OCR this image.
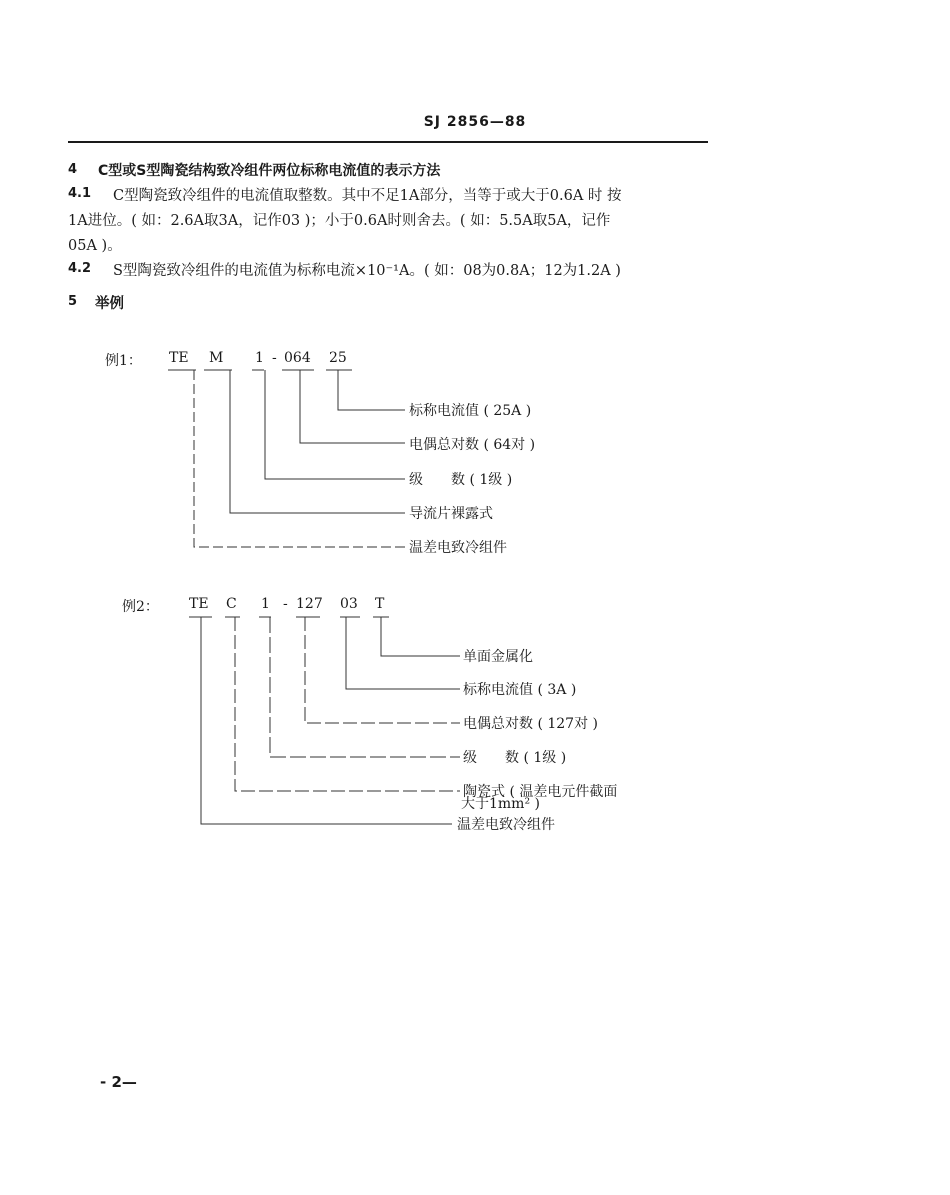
SJ 2856—88
4 C型或S型陶瓷结构致冷组件两位标称电流值的表示方法
4.1 C型陶瓷致冷组件的电流值取整数。其中不足1A部分，当等于或大于0.6A 时 按
1A进位。( 如：2.6A取3A，记作03 )；小于0.6A时则舍去。( 如：5.5A取5A，记作
05A )。
4.2 S型陶瓷致冷组件的电流值为标称电流×10⁻¹A。( 如：08为0.8A；12为1.2A )
5 举例
例1： TE M 1 - 064 25
标称电流值 ( 25A )
电偶总对数 ( 64对 )
级　　数 ( 1级 )
导流片裸露式
温差电致冷组件
例2： TE C 1 - 127 03 T
单面金属化
标称电流值 ( 3A )
电偶总对数 ( 127对 )
级　　数 ( 1级 )
陶瓷式 ( 温差电元件截面
大于1mm² )
温差电致冷组件
- 2—
